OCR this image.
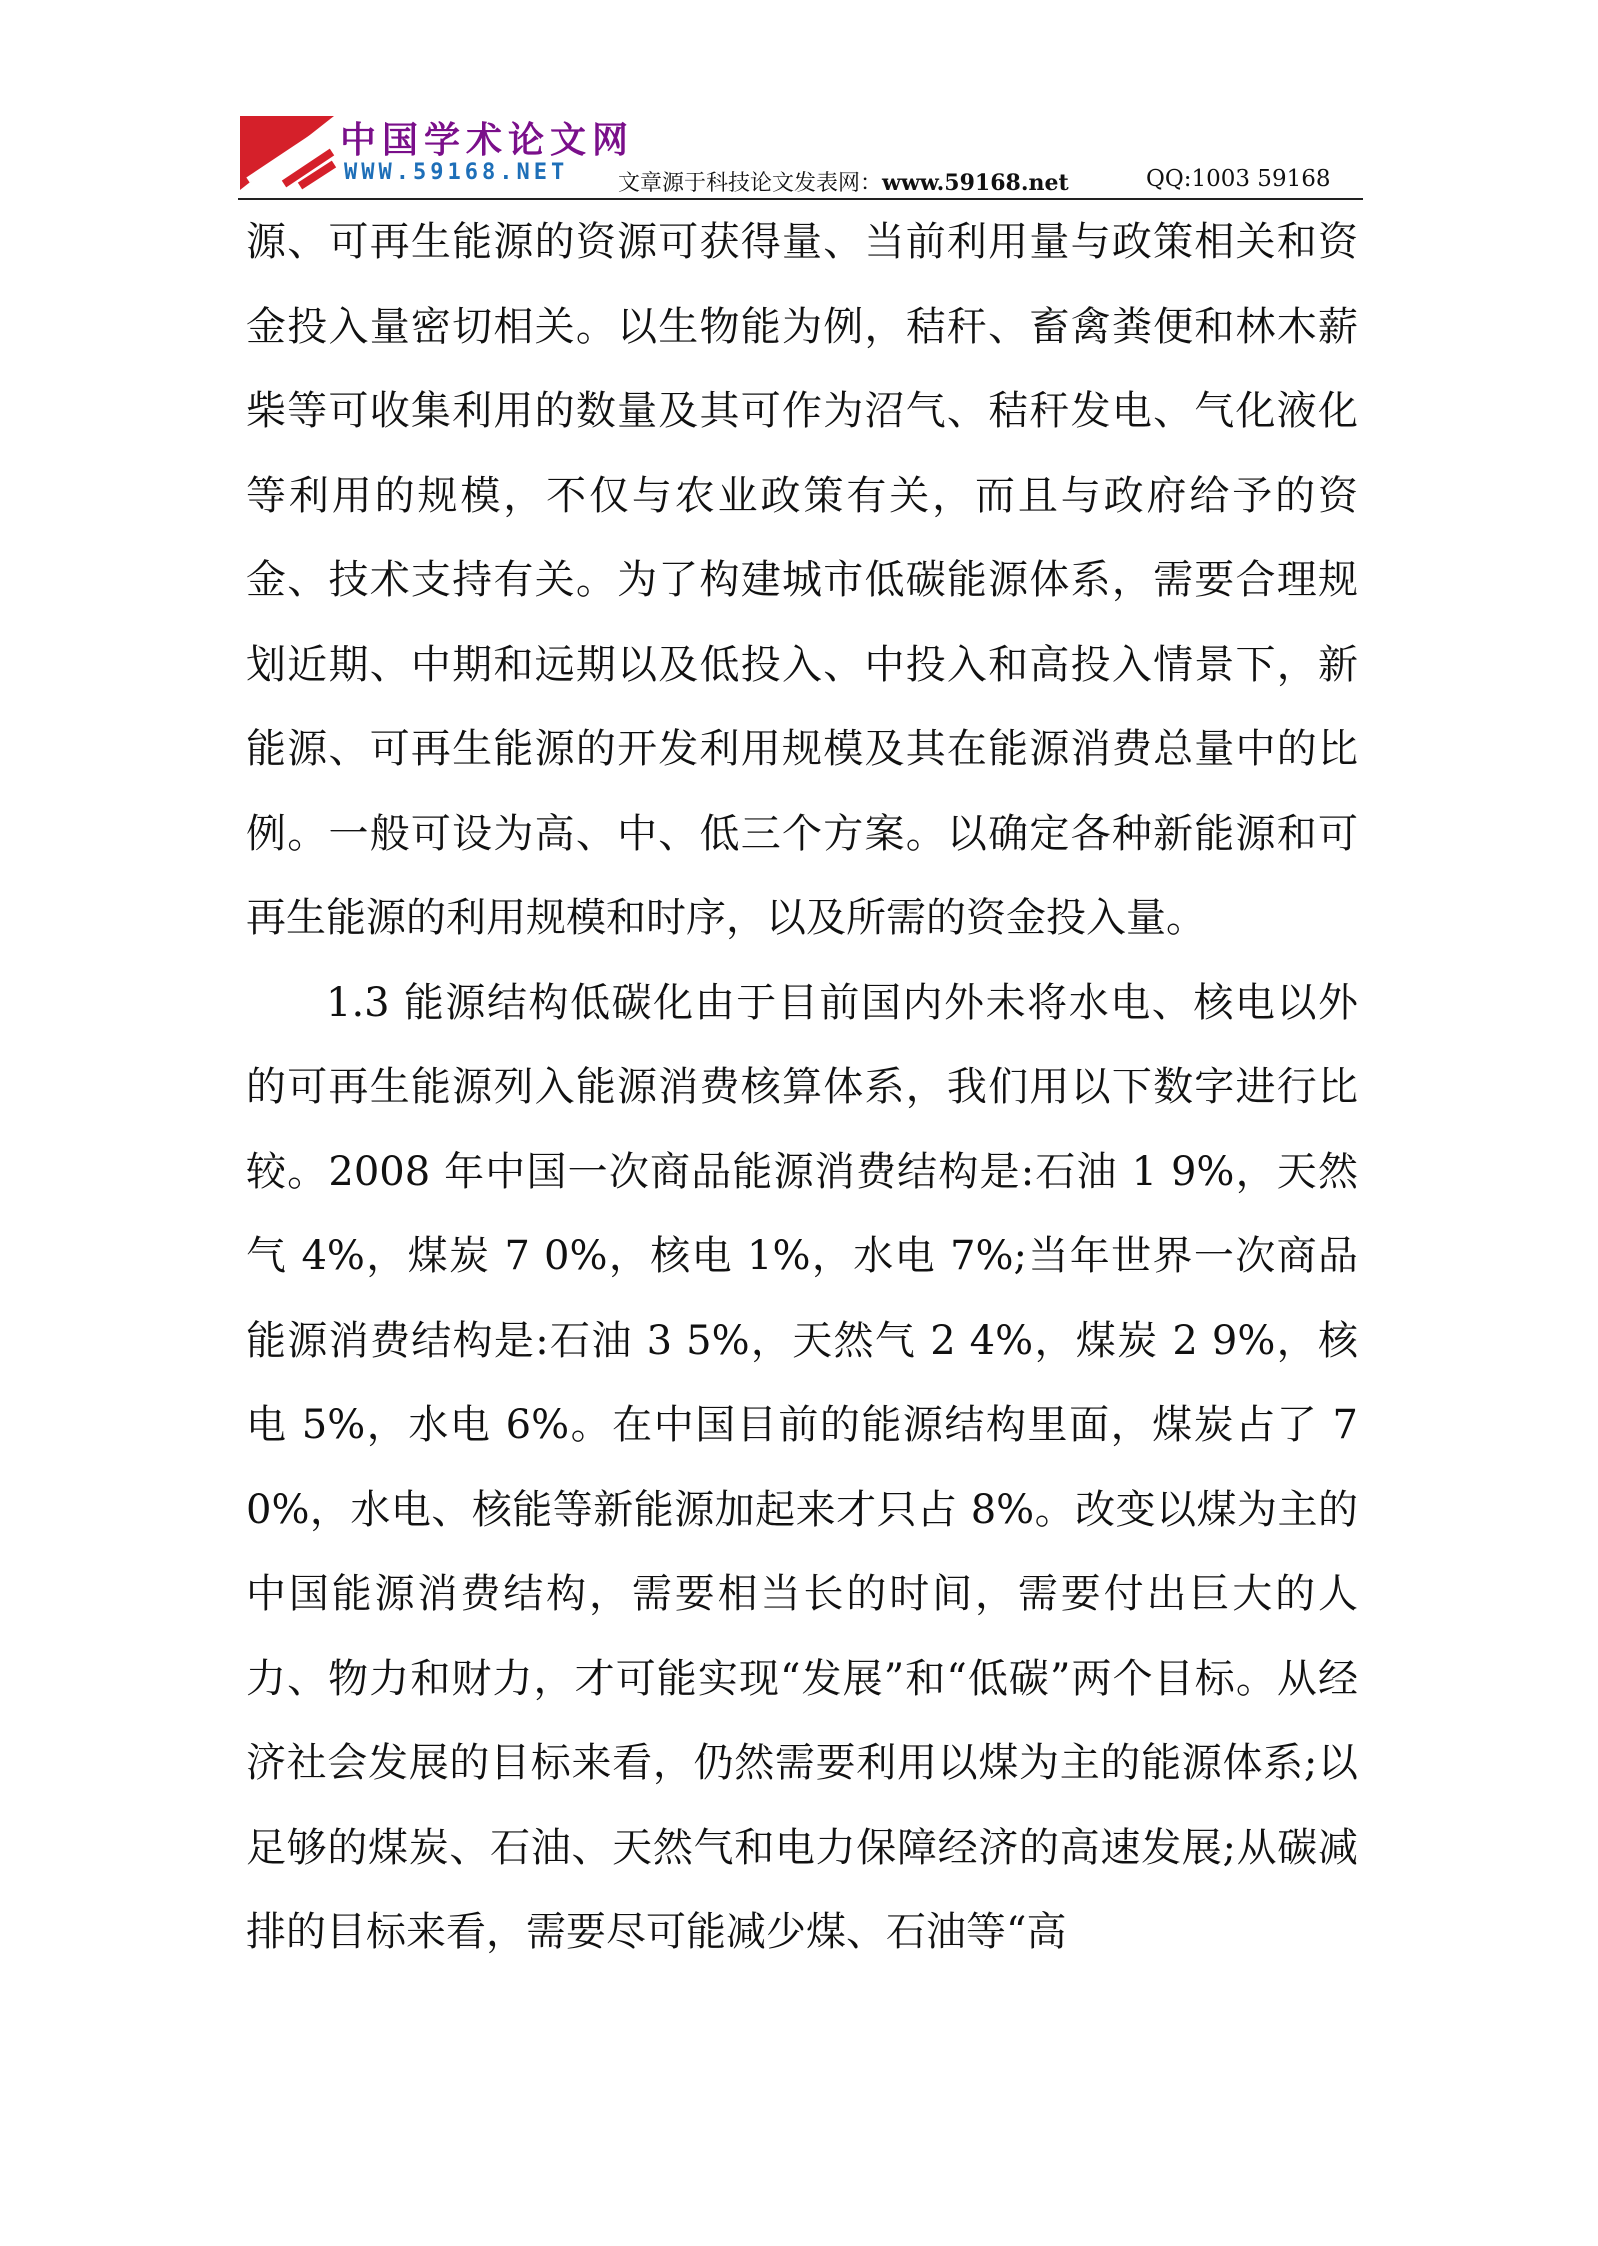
中国学术论文网
WWW.59168.NET 文章源于科技论文发表网：www.59168.net	QQ:1003 59168

源、可再生能源的资源可获得量、当前利用量与政策相关和资金投入量密切相关。以生物能为例，秸秆、畜禽粪便和林木薪柴等可收集利用的数量及其可作为沼气、秸秆发电、气化液化等利用的规模，不仅与农业政策有关，而且与政府给予的资金、技术支持有关。为了构建城市低碳能源体系，需要合理规划近期、中期和远期以及低投入、中投入和高投入情景下，新能源、可再生能源的开发利用规模及其在能源消费总量中的比例。一般可设为高、中、低三个方案。以确定各种新能源和可再生能源的利用规模和时序，以及所需的资金投入量。

1.3 能源结构低碳化由于目前国内外未将水电、核电以外的可再生能源列入能源消费核算体系，我们用以下数字进行比较。2008 年中国一次商品能源消费结构是:石油 1 9%，天然气 4%，煤炭 7 0%，核电 1%，水电 7%;当年世界一次商品能源消费结构是:石油 3 5%，天然气 2 4%，煤炭 2 9%，核电 5%，水电 6%。在中国目前的能源结构里面，煤炭占了 70%，水电、核能等新能源加起来才只占 8%。改变以煤为主的中国能源消费结构，需要相当长的时间，需要付出巨大的人力、物力和财力，才可能实现“发展”和“低碳”两个目标。从经济社会发展的目标来看，仍然需要利用以煤为主的能源体系;以足够的煤炭、石油、天然气和电力保障经济的高速发展;从碳减排的目标来看，需要尽可能减少煤、石油等“高
